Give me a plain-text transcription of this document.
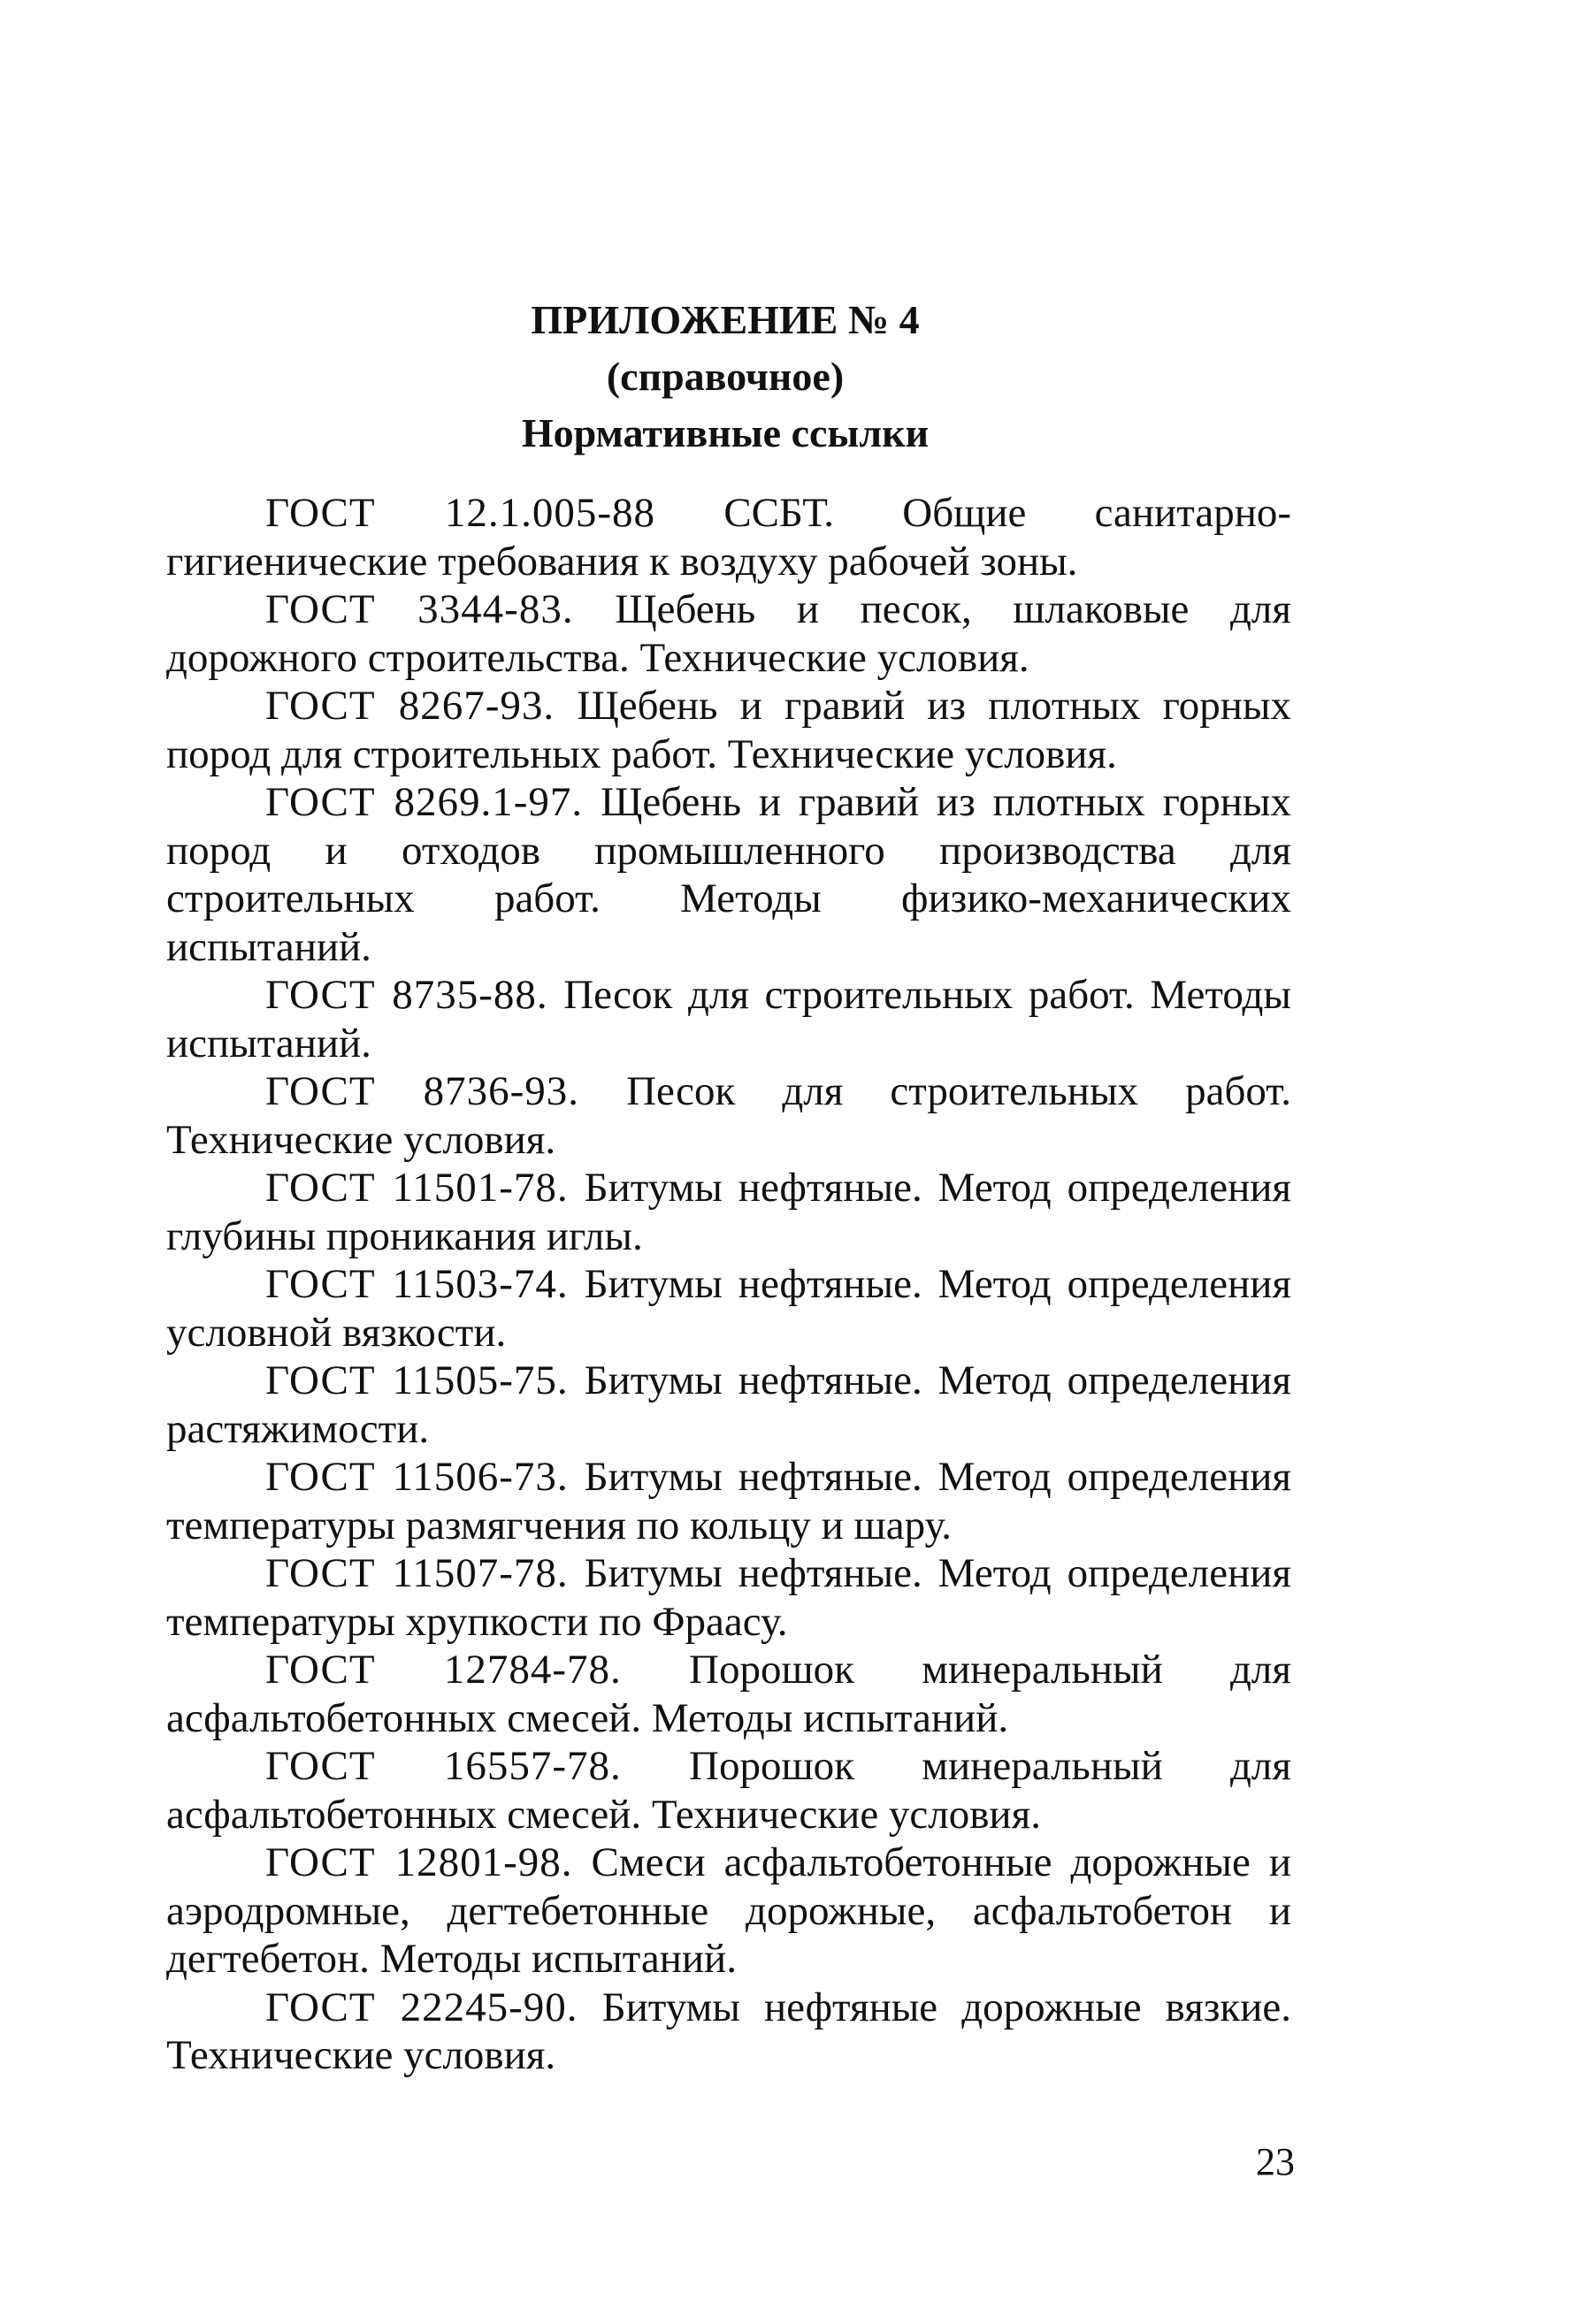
ПРИЛОЖЕНИЕ № 4
(справочное)
Нормативные ссылки

ГОСТ 12.1.005-88 ССБТ. Общие санитарно-гигиенические требования к воздуху рабочей зоны.

ГОСТ 3344-83. Щебень и песок, шлаковые для дорожного строительства. Технические условия.

ГОСТ 8267-93. Щебень и гравий из плотных горных пород для строительных работ. Технические условия.

ГОСТ 8269.1-97. Щебень и гравий из плотных горных пород и отходов промышленного производства для строительных работ. Методы физико-механических испытаний.

ГОСТ 8735-88. Песок для строительных работ. Методы испытаний.

ГОСТ 8736-93. Песок для строительных работ. Технические условия.

ГОСТ 11501-78. Битумы нефтяные. Метод определения глубины проникания иглы.

ГОСТ 11503-74. Битумы нефтяные. Метод определения условной вязкости.

ГОСТ 11505-75. Битумы нефтяные. Метод определения растяжимости.

ГОСТ 11506-73. Битумы нефтяные. Метод определения температуры размягчения по кольцу и шару.

ГОСТ 11507-78. Битумы нефтяные. Метод определения температуры хрупкости по Фраасу.

ГОСТ 12784-78. Порошок минеральный для асфальтобетонных смесей. Методы испытаний.

ГОСТ 16557-78. Порошок минеральный для асфальтобетонных смесей. Технические условия.

ГОСТ 12801-98. Смеси асфальтобетонные дорожные и аэродромные, дегтебетонные дорожные, асфальтобетон и дегтебетон. Методы испытаний.

ГОСТ 22245-90. Битумы нефтяные дорожные вязкие. Технические условия.

23
